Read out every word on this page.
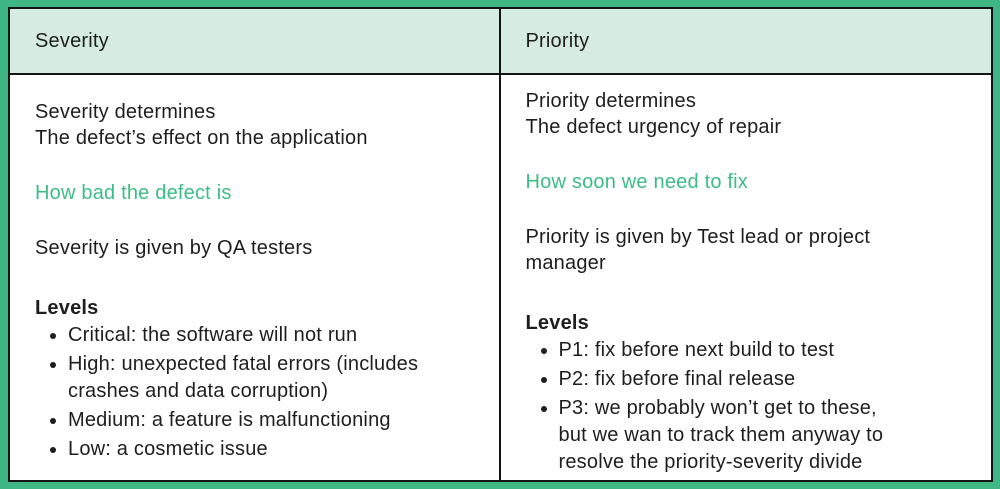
Severity	Priority

Severity determines
The defect’s effect on the application

How bad the defect is

Severity is given by QA testers

Levels

• Critical: the software will not run
• High: unexpected fatal errors (includes
crashes and data corruption)
• Medium: a feature is malfunctioning
• Low: a cosmetic issue

Priority determines
The defect urgency of repair

How soon we need to fix

Priority is given by Test lead or project
manager

Levels

• P1: fix before next build to test
• P2: fix before final release
• P3: we probably won’t get to these,
but we wan to track them anyway to
resolve the priority-severity divide
